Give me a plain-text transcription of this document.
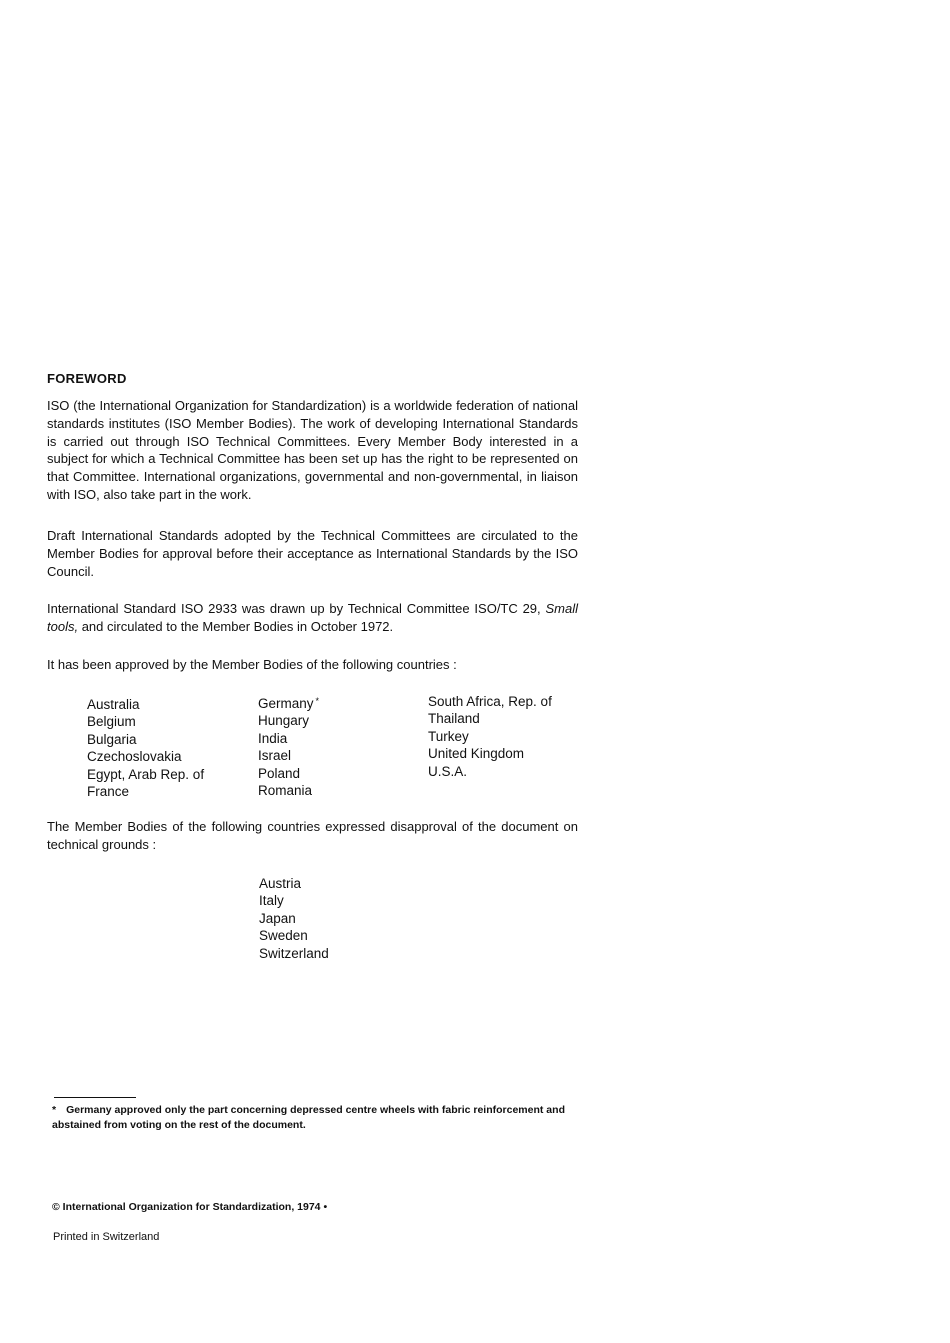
FOREWORD

ISO (the International Organization for Standardization) is a worldwide federation of national standards institutes (ISO Member Bodies). The work of developing International Standards is carried out through ISO Technical Committees. Every Member Body interested in a subject for which a Technical Committee has been set up has the right to be represented on that Committee. International organizations, governmental and non-governmental, in liaison with ISO, also take part in the work.

Draft International Standards adopted by the Technical Committees are circulated to the Member Bodies for approval before their acceptance as International Standards by the ISO Council.

International Standard ISO 2933 was drawn up by Technical Committee ISO/TC 29, Small tools, and circulated to the Member Bodies in October 1972.

It has been approved by the Member Bodies of the following countries :

Australia
Belgium
Bulgaria
Czechoslovakia
Egypt, Arab Rep. of
France
Germany *
Hungary
India
Israel
Poland
Romania
South Africa, Rep. of
Thailand
Turkey
United Kingdom
U.S.A.

The Member Bodies of the following countries expressed disapproval of the document on technical grounds :

Austria
Italy
Japan
Sweden
Switzerland

* Germany approved only the part concerning depressed centre wheels with fabric reinforcement and abstained from voting on the rest of the document.

© International Organization for Standardization, 1974 •
Printed in Switzerland
